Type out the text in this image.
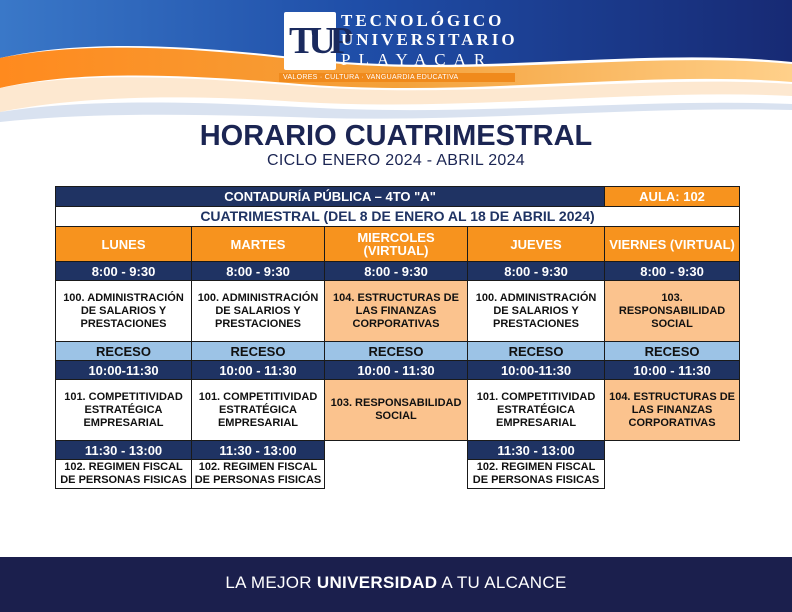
TUP
TECNOLÓGICO
UNIVERSITARIO
PLAYACAR
VALORES · CULTURA · VANGUARDIA EDUCATIVA
HORARIO CUATRIMESTRAL
CICLO ENERO 2024 - ABRIL 2024
CONTADURÍA PÚBLICA – 4TO "A"				AULA: 102
CUATRIMESTRAL (DEL 8 DE ENERO AL 18 DE ABRIL 2024)				
LUNES	MARTES	MIERCOLES (VIRTUAL)	JUEVES	VIERNES (VIRTUAL)
8:00 - 9:30	8:00 - 9:30	8:00 - 9:30	8:00 - 9:30	8:00 - 9:30
100. ADMINISTRACIÓN DE SALARIOS Y PRESTACIONES	100. ADMINISTRACIÓN DE SALARIOS Y PRESTACIONES	104. ESTRUCTURAS DE LAS FINANZAS CORPORATIVAS	100. ADMINISTRACIÓN DE SALARIOS Y PRESTACIONES	103. RESPONSABILIDAD SOCIAL
RECESO	RECESO	RECESO	RECESO	RECESO
10:00-11:30	10:00 - 11:30	10:00 - 11:30	10:00-11:30	10:00 - 11:30
101. COMPETITIVIDAD ESTRATÉGICA EMPRESARIAL	101. COMPETITIVIDAD ESTRATÉGICA EMPRESARIAL	103. RESPONSABILIDAD SOCIAL	101. COMPETITIVIDAD ESTRATÉGICA EMPRESARIAL	104. ESTRUCTURAS DE LAS FINANZAS CORPORATIVAS
11:30 - 13:00	11:30 - 13:00		11:30 - 13:00	
102. REGIMEN FISCAL DE PERSONAS FISICAS	102. REGIMEN FISCAL DE PERSONAS FISICAS		102. REGIMEN FISCAL DE PERSONAS FISICAS	
LA MEJOR UNIVERSIDAD A TU ALCANCE
